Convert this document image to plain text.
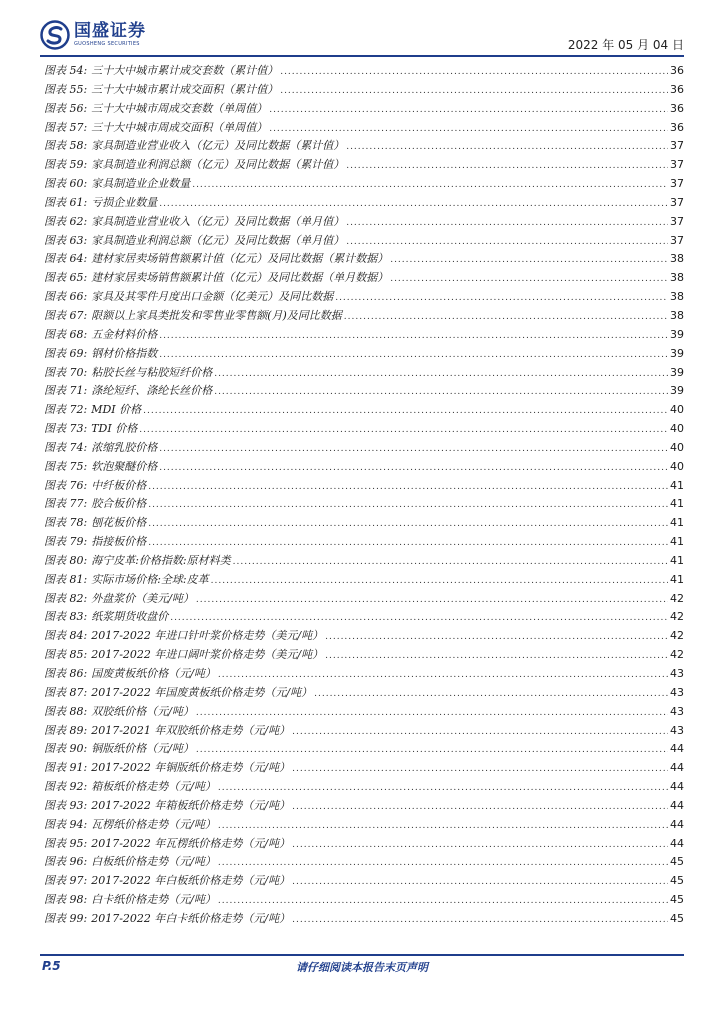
国盛证券
GUOSHENG SECURITIES	2022 年 05 月 04 日
图表 54: 三十大中城市累计成交套数（累计值） .....	36
图表 55: 三十大中城市累计成交面积（累计值） .....	36
图表 56: 三十大中城市周成交套数（单周值） .....	36
图表 57: 三十大中城市周成交面积（单周值） .....	36
图表 58: 家具制造业营业收入（亿元）及同比数据（累计值） .....	37
图表 59: 家具制造业利润总额（亿元）及同比数据（累计值） .....	37
图表 60: 家具制造业企业数量 .....	37
图表 61: 亏损企业数量 .....	37
图表 62: 家具制造业营业收入（亿元）及同比数据（单月值） .....	37
图表 63: 家具制造业利润总额（亿元）及同比数据（单月值） .....	37
图表 64: 建材家居卖场销售额累计值（亿元）及同比数据（累计数据） .....	38
图表 65: 建材家居卖场销售额累计值（亿元）及同比数据（单月数据） .....	38
图表 66: 家具及其零件月度出口金额（亿美元）及同比数据 .....	38
图表 67: 限额以上家具类批发和零售业零售额(月)及同比数据 .....	38
图表 68: 五金材料价格 .....	39
图表 69: 钢材价格指数 .....	39
图表 70: 粘胶长丝与粘胶短纤价格 .....	39
图表 71: 涤纶短纤、涤纶长丝价格 .....	39
图表 72: MDI 价格 .....	40
图表 73: TDI 价格 .....	40
图表 74: 浓缩乳胶价格 .....	40
图表 75: 软泡聚醚价格 .....	40
图表 76: 中纤板价格 .....	41
图表 77: 胶合板价格 .....	41
图表 78: 刨花板价格 .....	41
图表 79: 指接板价格 .....	41
图表 80: 海宁皮革:价格指数:原材料类 .....	41
图表 81: 实际市场价格:全球:皮革 .....	41
图表 82: 外盘浆价（美元/吨） .....	42
图表 83: 纸浆期货收盘价 .....	42
图表 84: 2017-2022 年进口针叶浆价格走势（美元/吨） .....	42
图表 85: 2017-2022 年进口阔叶浆价格走势（美元/吨） .....	42
图表 86: 国废黄板纸价格（元/吨） .....	43
图表 87: 2017-2022 年国废黄板纸价格走势（元/吨） .....	43
图表 88: 双胶纸价格（元/吨） .....	43
图表 89: 2017-2021 年双胶纸价格走势（元/吨） .....	43
图表 90: 铜版纸价格（元/吨） .....	44
图表 91: 2017-2022 年铜版纸价格走势（元/吨） .....	44
图表 92: 箱板纸价格走势（元/吨） .....	44
图表 93: 2017-2022 年箱板纸价格走势（元/吨） .....	44
图表 94: 瓦楞纸价格走势（元/吨） .....	44
图表 95: 2017-2022 年瓦楞纸价格走势（元/吨） .....	44
图表 96: 白板纸价格走势（元/吨） .....	45
图表 97: 2017-2022 年白板纸价格走势（元/吨） .....	45
图表 98: 白卡纸价格走势（元/吨） .....	45
图表 99: 2017-2022 年白卡纸价格走势（元/吨） .....	45
P.5	请仔细阅读本报告末页声明
